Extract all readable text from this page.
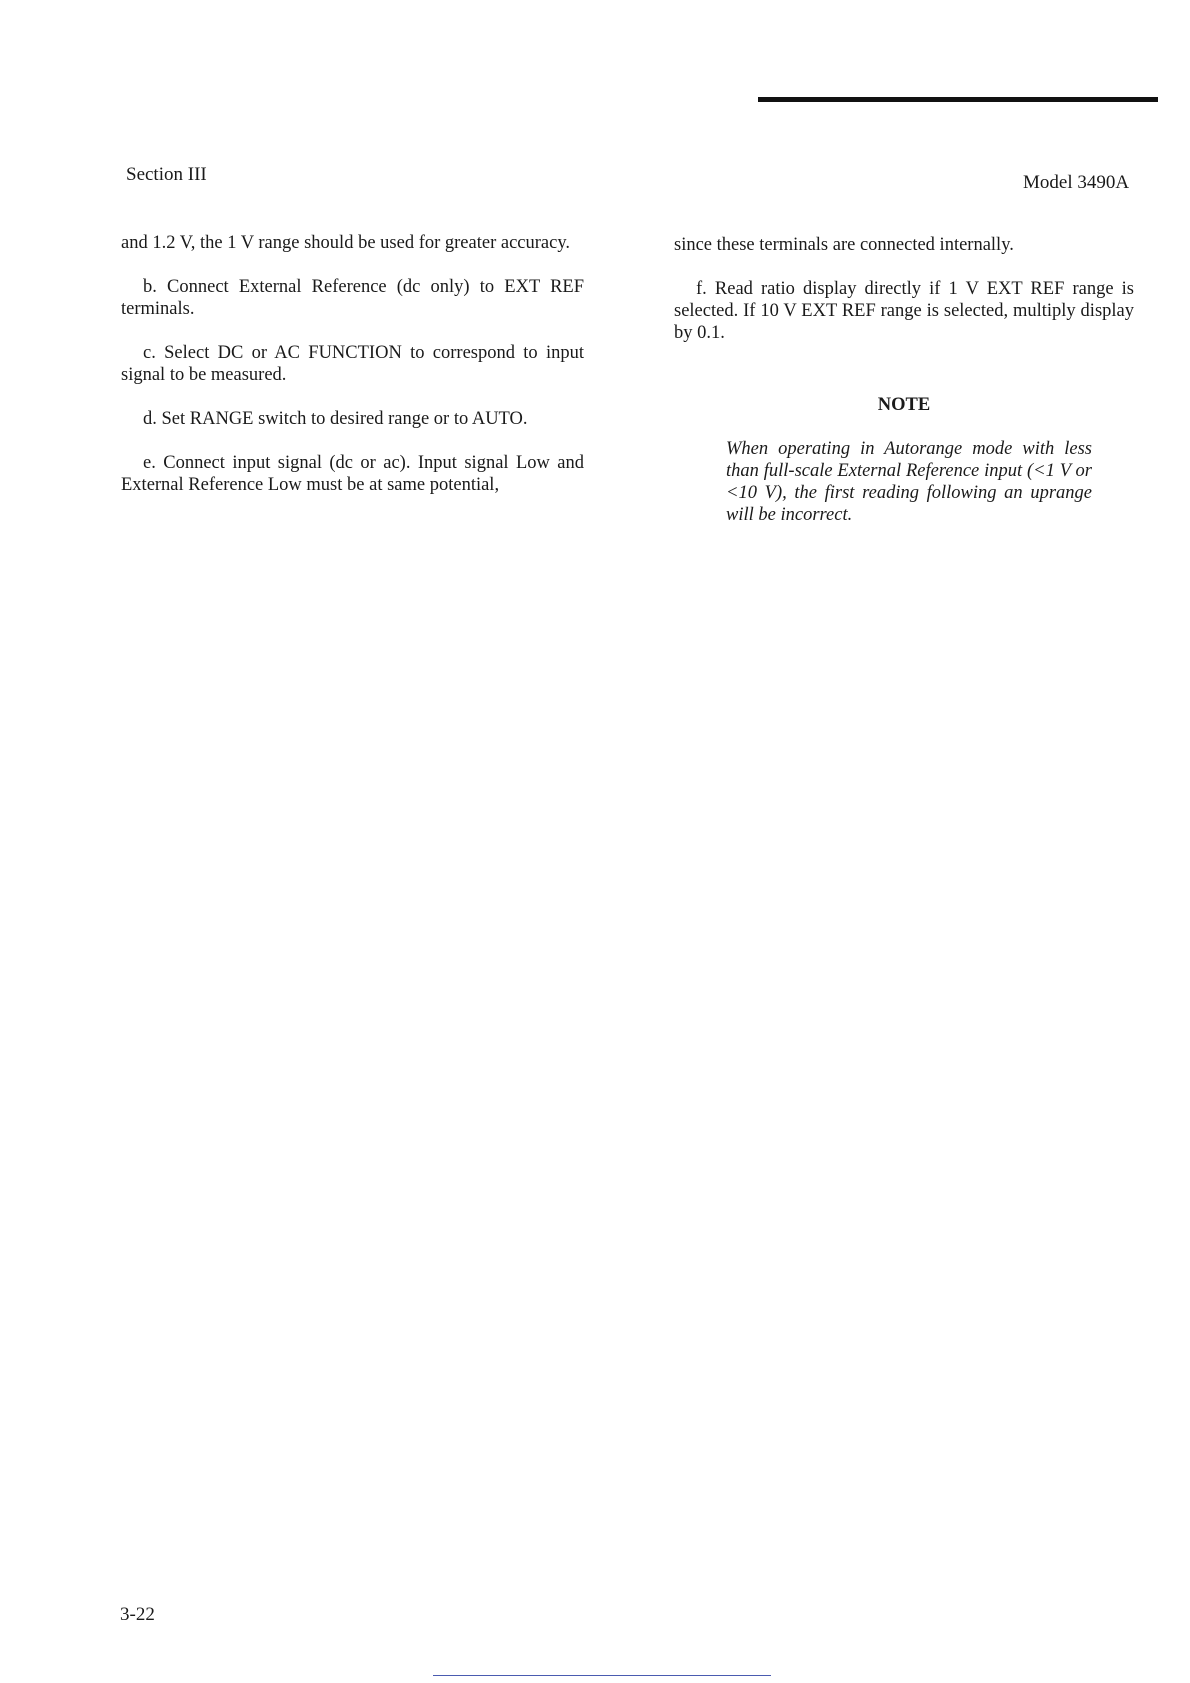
Section III	Model 3490A

and 1.2 V, the 1 V range should be used for greater accuracy.

b. Connect External Reference (dc only) to EXT REF terminals.

c. Select DC or AC FUNCTION to correspond to input signal to be measured.

d. Set RANGE switch to desired range or to AUTO.

e. Connect input signal (dc or ac). Input signal Low and External Reference Low must be at same potential,

since these terminals are connected internally.

f. Read ratio display directly if 1 V EXT REF range is selected. If 10 V EXT REF range is selected, multiply display by 0.1.

NOTE

When operating in Autorange mode with less than full-scale External Reference input (<1 V or <10 V), the first reading following an uprange will be incorrect.

3-22
